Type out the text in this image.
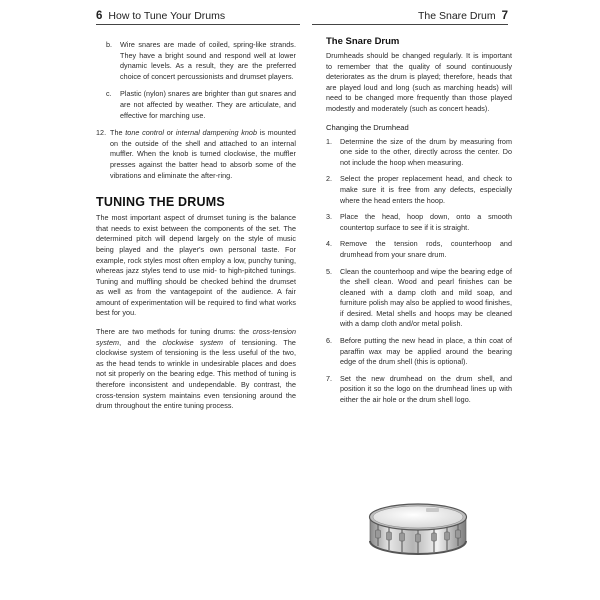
6 How to Tune Your Drums	The Snare Drum 7
b. Wire snares are made of coiled, spring-like strands. They have a bright sound and respond well at lower dynamic levels. As a result, they are the preferred choice of concert percussionists and drumset players.
c. Plastic (nylon) snares are brighter than gut snares and are not affected by weather. They are articulate, and effective for marching use.
12. The tone control or internal dampening knob is mounted on the outside of the shell and attached to an internal muffler. When the knob is turned clockwise, the muffler presses against the batter head to absorb some of the vibrations and eliminate the after-ring.
TUNING THE DRUMS

The most important aspect of drumset tuning is the balance that needs to exist between the components of the set. The determined pitch will depend largely on the style of music being played and the player's own personal taste. For example, rock styles most often employ a low, punchy tuning, whereas jazz styles tend to use mid- to high-pitched tunings. Tuning and muffling should be checked behind the drumset as well as from the vantagepoint of the audience. A fair amount of experimentation will be required to find what works best for you.

There are two methods for tuning drums: the cross-tension system, and the clockwise system of tensioning. The clockwise system of tensioning is the less useful of the two, as the head tends to wrinkle in undesirable places and does not sit properly on the bearing edge. This method of tuning is therefore inconsistent and undependable. By contrast, the cross-tension system maintains even tensioning around the drum throughout the entire tuning process.

The Snare Drum

Drumheads should be changed regularly. It is important to remember that the quality of sound continuously deteriorates as the drum is played; therefore, heads that are played loud and long (such as marching heads) will need to be changed more frequently than those played modestly and moderately (such as concert heads).

Changing the Drumhead
1. Determine the size of the drum by measuring from one side to the other, directly across the center. Do not include the hoop when measuring.
2. Select the proper replacement head, and check to make sure it is free from any defects, especially where the head enters the hoop.
3. Place the head, hoop down, onto a smooth countertop surface to see if it is straight.
4. Remove the tension rods, counterhoop and drumhead from your snare drum.
5. Clean the counterhoop and wipe the bearing edge of the shell clean. Wood and pearl finishes can be cleaned with a damp cloth and mild soap, and furniture polish may also be applied to wood finishes, if desired. Metal shells and hoops may be cleaned with a damp cloth and/or metal polish.
6. Before putting the new head in place, a thin coat of paraffin wax may be applied around the bearing edge of the drum shell (this is optional).
7. Set the new drumhead on the drum shell, and position it so the logo on the drumhead lines up with either the air hole or the drum shell logo.
